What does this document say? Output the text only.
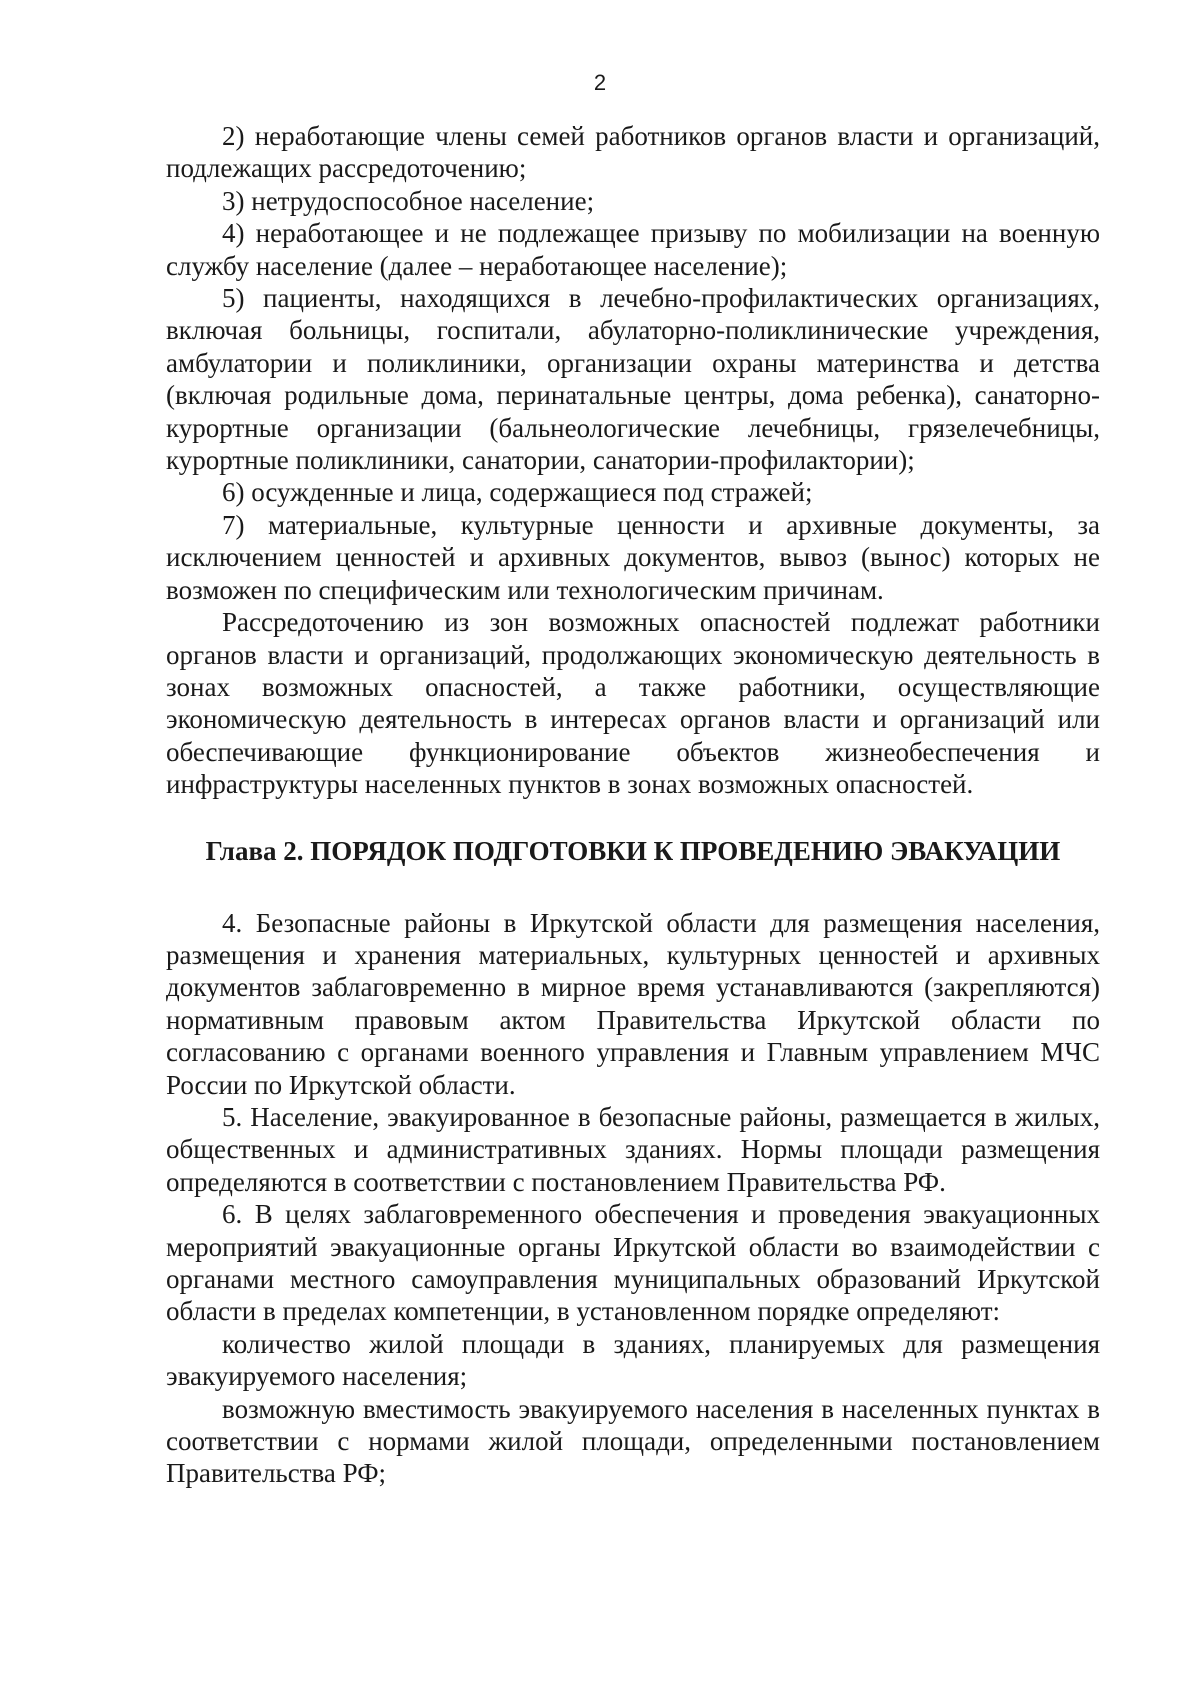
2

2) неработающие члены семей работников органов власти и организаций, подлежащих рассредоточению;

3) нетрудоспособное население;

4) неработающее и не подлежащее призыву по мобилизации на военную службу население (далее – неработающее население);

5) пациенты, находящихся в лечебно-профилактических организациях, включая больницы, госпитали, абулаторно-поликлинические учреждения, амбулатории и поликлиники, организации охраны материнства и детства (включая родильные дома, перинатальные центры, дома ребенка), санаторно-курортные организации (бальнеологические лечебницы, грязелечебницы, курортные поликлиники, санатории, санатории-профилактории);

6) осужденные и лица, содержащиеся под стражей;

7) материальные, культурные ценности и архивные документы, за исключением ценностей и архивных документов, вывоз (вынос) которых не возможен по специфическим или технологическим причинам.

Рассредоточению из зон возможных опасностей подлежат работники органов власти и организаций, продолжающих экономическую деятельность в зонах возможных опасностей, а также работники, осуществляющие экономическую деятельность в интересах органов власти и организаций или обеспечивающие функционирование объектов жизнеобеспечения и инфраструктуры населенных пунктов в зонах возможных опасностей.

Глава 2. ПОРЯДОК ПОДГОТОВКИ К ПРОВЕДЕНИЮ ЭВАКУАЦИИ

4. Безопасные районы в Иркутской области для размещения населения, размещения и хранения материальных, культурных ценностей и архивных документов заблаговременно в мирное время устанавливаются (закрепляются) нормативным правовым актом Правительства Иркутской области по согласованию с органами военного управления и Главным управлением МЧС России по Иркутской области.

5. Население, эвакуированное в безопасные районы, размещается в жилых, общественных и административных зданиях. Нормы площади размещения определяются в соответствии с постановлением Правительства РФ.

6. В целях заблаговременного обеспечения и проведения эвакуационных мероприятий эвакуационные органы Иркутской области во взаимодействии с органами местного самоуправления муниципальных образований Иркутской области в пределах компетенции, в установленном порядке определяют:

количество жилой площади в зданиях, планируемых для размещения эвакуируемого населения;

возможную вместимость эвакуируемого населения в населенных пунктах в соответствии с нормами жилой площади, определенными постановлением Правительства РФ;
